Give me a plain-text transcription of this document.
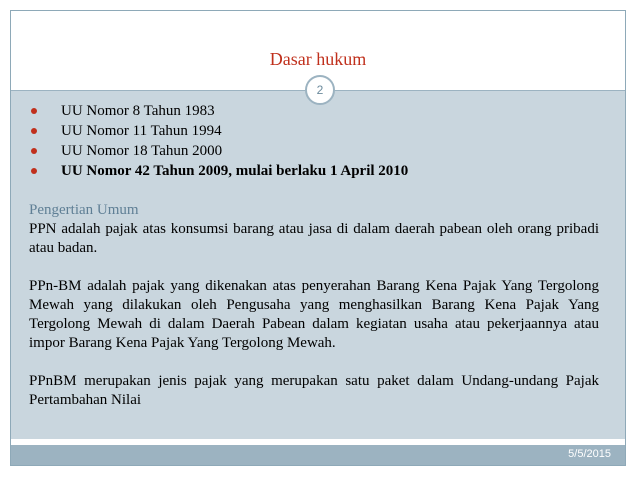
Dasar hukum
UU Nomor 8 Tahun 1983
UU Nomor 11 Tahun 1994
UU Nomor 18 Tahun 2000
UU Nomor 42 Tahun 2009, mulai berlaku 1 April 2010
Pengertian Umum

PPN adalah pajak atas konsumsi barang atau jasa di dalam daerah pabean oleh orang pribadi atau badan.

PPn-BM adalah pajak yang dikenakan atas penyerahan Barang Kena Pajak Yang Tergolong Mewah yang dilakukan oleh Pengusaha yang menghasilkan Barang Kena Pajak Yang Tergolong Mewah di dalam Daerah Pabean dalam kegiatan usaha atau pekerjaannya atau impor Barang Kena Pajak Yang Tergolong Mewah.

PPnBM merupakan jenis pajak yang merupakan satu paket dalam Undang-undang Pajak Pertambahan Nilai

2
5/5/2015
